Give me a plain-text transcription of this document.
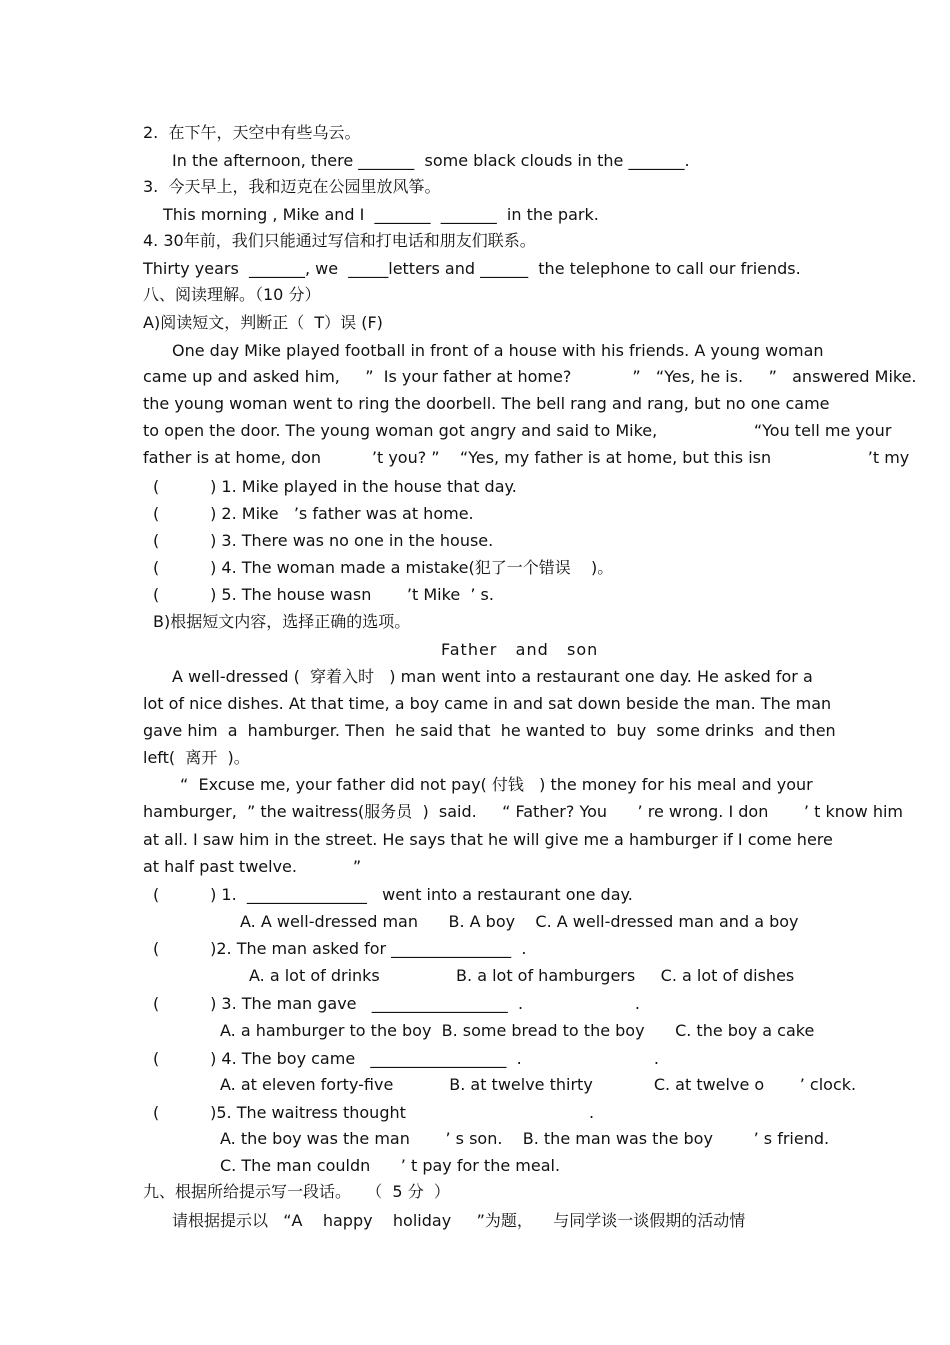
2.  在下午，天空中有些乌云。
In the afternoon, there _______  some black clouds in the _______.
3.  今天早上，我和迈克在公园里放风筝。
This morning , Mike and I  _______  _______  in the park.
4. 30年前，我们只能通过写信和打电话和朋友们联系。
Thirty years  _______, we  _____letters and ______  the telephone to call our friends.
八、阅读理解。（10 分）
A)阅读短文，判断正（  T）误 (F)
One day Mike played football in front of a house with his friends. A young woman
came up and asked him,     ”  Is your father at home?            ”   “Yes, he is.     ”   answered Mike.
the young woman went to ring the doorbell. The bell rang and rang, but no one came
to open the door. The young woman got angry and said to Mike,                   “You tell me your
father is at home, don          ’t you? ”    “Yes, my father is at home, but this isn                   ’t my
(          ) 1. Mike played in the house that day.
(          ) 2. Mike   ’s father was at home.
(          ) 3. There was no one in the house.
(          ) 4. The woman made a mistake(犯了一个错误    )。
(          ) 5. The house wasn       ’t Mike  ’ s.
B)根据短文内容，选择正确的选项。
Father   and   son
A well-dressed (  穿着入时   ) man went into a restaurant one day. He asked for a
lot of nice dishes. At that time, a boy came in and sat down beside the man. The man
gave him  a  hamburger. Then  he said that  he wanted to  buy  some drinks  and then
left(  离开  )。
“  Excuse me, your father did not pay( 付钱   ) the money for his meal and your
hamburger,  ” the waitress(服务员  )  said.     “ Father? You      ’ re wrong. I don       ’ t know him
at all. I saw him in the street. He says that he will give me a hamburger if I come here
at half past twelve.           ”
(          ) 1.  _______________   went into a restaurant one day.
A. A well-dressed man      B. A boy    C. A well-dressed man and a boy
(          )2. The man asked for _______________  .
A. a lot of drinks               B. a lot of hamburgers     C. a lot of dishes
(          ) 3. The man gave   _________________  .                      .
A. a hamburger to the boy  B. some bread to the boy      C. the boy a cake
(          ) 4. The boy came   _________________  .                          .
A. at eleven forty-five           B. at twelve thirty            C. at twelve o       ’ clock.
(          )5. The waitress thought                                    .
A. the boy was the man       ’ s son.    B. the man was the boy        ’ s friend.
C. The man couldn      ’ t pay for the meal.
九、根据所给提示写一段话。   （  5 分  ）
请根据提示以   “A    happy    holiday     ”为题，    与同学谈一谈假期的活动情
